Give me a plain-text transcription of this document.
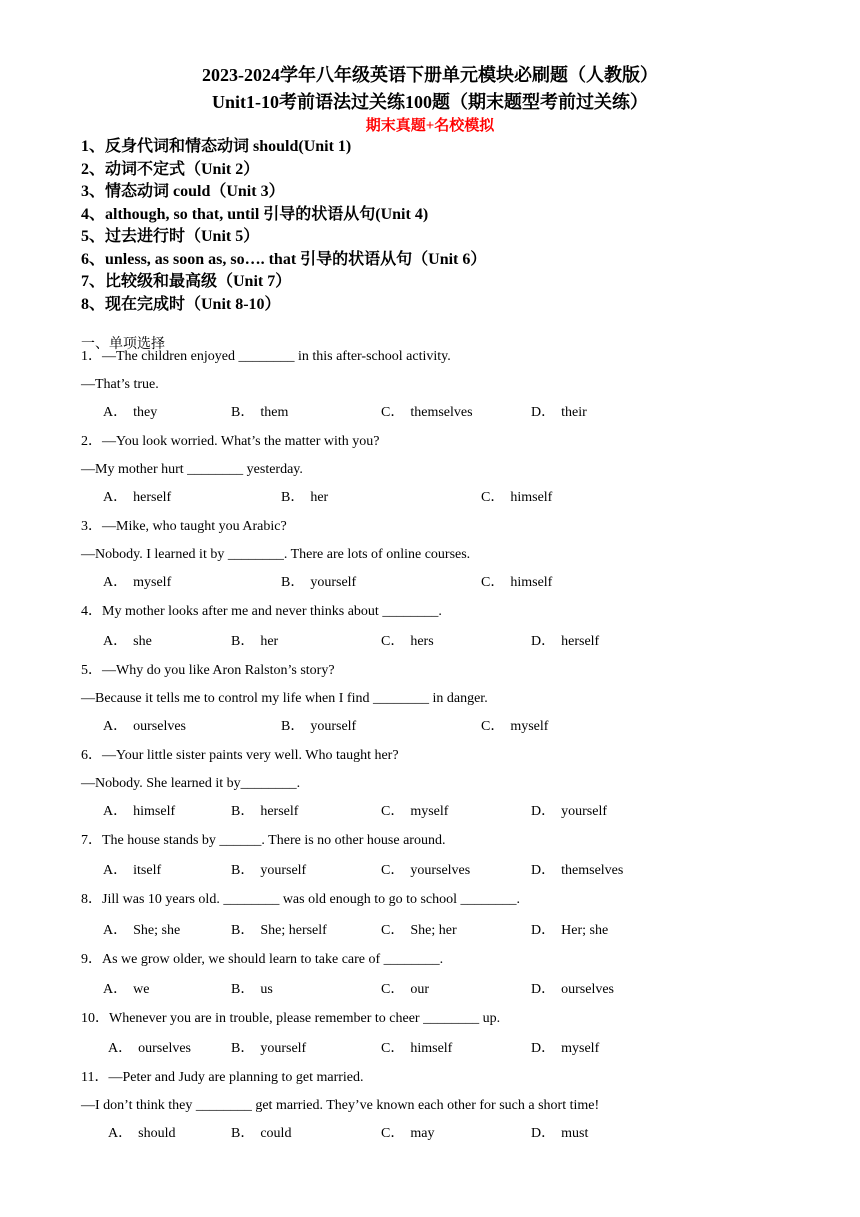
2023-2024学年八年级英语下册单元模块必刷题（人教版）
Unit1-10考前语法过关练100题（期末题型考前过关练）
期末真题+名校模拟
1、反身代词和情态动词 should(Unit 1)
2、动词不定式（Unit 2）
3、情态动词 could（Unit 3）
4、although, so that, until 引导的状语从句(Unit 4)
5、过去进行时（Unit 5）
6、unless, as soon as, so…. that 引导的状语从句（Unit 6）
7、比较级和最高级（Unit 7）
8、现在完成时（Unit 8-10）
一、单项选择
1．—The children enjoyed ________ in this after-school activity.
—That’s true.
A． they	B． them	C． themselves	D． their
2．—You look worried. What’s the matter with you?
—My mother hurt ________ yesterday.
A． herself	B． her	C． himself
3．—Mike, who taught you Arabic?
—Nobody. I learned it by ________. There are lots of online courses.
A． myself	B． yourself	C． himself
4．My mother looks after me and never thinks about ________.
A． she	B． her	C． hers	D． herself
5．—Why do you like Aron Ralston’s story?
—Because it tells me to control my life when I find ________ in danger.
A． ourselves	B． yourself	C． myself
6．—Your little sister paints very well. Who taught her?
—Nobody. She learned it by________.
A． himself	B． herself	C． myself	D． yourself
7．The house stands by ______. There is no other house around.
A． itself	B． yourself	C． yourselves	D． themselves
8．Jill was 10 years old. ________ was old enough to go to school ________.
A． She; she	B． She; herself	C． She; her	D． Her; she
9．As we grow older, we should learn to take care of ________.
A． we	B． us	C． our	D． ourselves
10．Whenever you are in trouble, please remember to cheer ________ up.
A． ourselves	B． yourself	C． himself	D． myself
11．—Peter and Judy are planning to get married.
—I don’t think they ________ get married. They’ve known each other for such a short time!
A． should	B． could	C． may	D． must
